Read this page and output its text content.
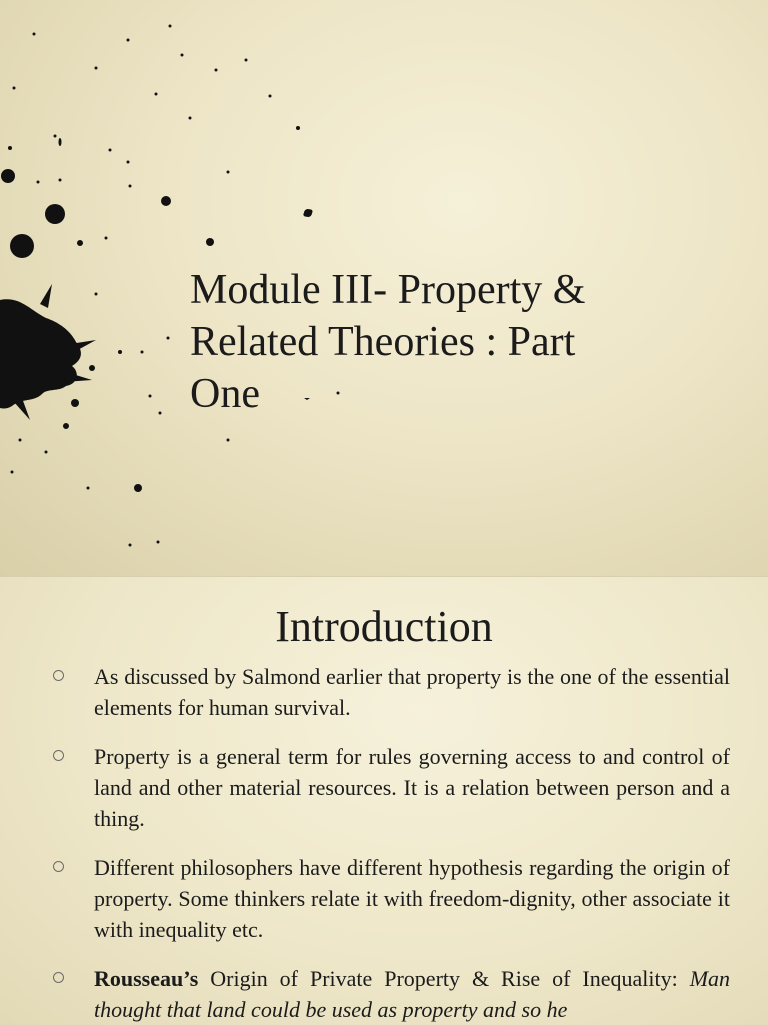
Module III- Property &
Related Theories : Part
One
Introduction

As discussed by Salmond earlier that property is the one of the essential elements for human survival.

Property is a general term for rules governing access to and control of land and other material resources. It is a relation between person and a thing.

Different philosophers have different hypothesis regarding the origin of property. Some thinkers relate it with freedom-dignity, other associate it with inequality etc.

Rousseau’s Origin of Private Property & Rise of Inequality: Man thought that land could be used as property and so he
